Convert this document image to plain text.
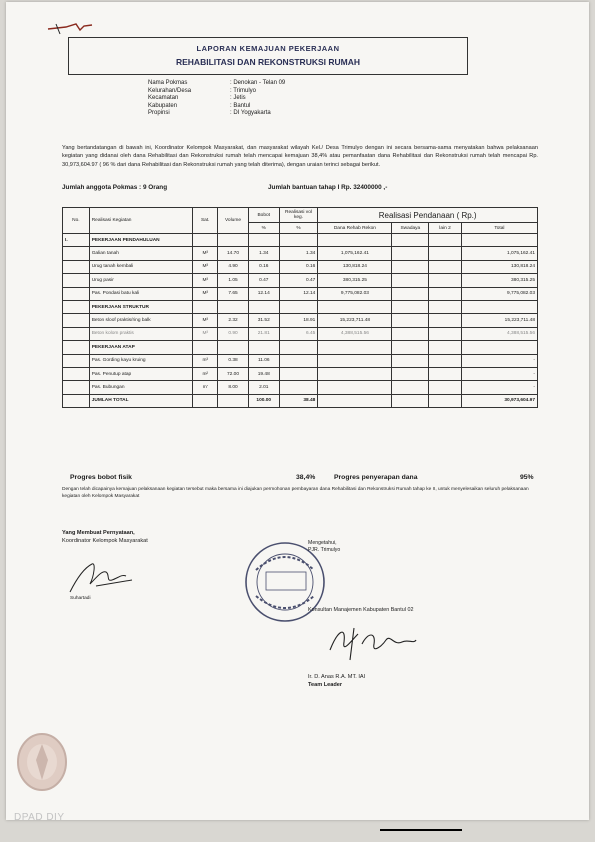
LAPORAN KEMAJUAN PEKERJAAN
REHABILITASI DAN REKONSTRUKSI RUMAH
Nama Pokmas	: Denokan - Telan 09
Kelurahan/Desa	: Trimulyo
Kecamatan	: Jetis
Kabupaten	: Bantul
Propinsi	: DI Yogyakarta
Yang bertandatangan di bawah ini, Koordinator Kelompok Masyarakat, dan masyarakat wilayah Kel./ Desa Trimulyo dengan ini secara bersama-sama menyatakan bahwa pelaksanaan kegiatan yang didanai oleh dana Rehabilitasi dan Rekonstruksi rumah telah mencapai kemajuan 38,4% atau pemanfaatan dana Rehabilitasi dan Rekonstruksi rumah telah mencapai Rp. 30,973,604.97 ( 96 % dari dana Rehabilitasi dan Rekonstruksi rumah yang telah diterima), dengan uraian terinci sebagai berikut.
Jumlah anggota Pokmas : 9 Orang	Jumlah bantuan tahap I Rp. 32400000 ,-
No.	Realisasi Kegiatan	Sat.	Volume	Bobot	Realisasi vol keg.	Realisasi Pendanaan ( Rp.)			
				%	%	Dana Rehab Rekon	Swadaya	lain 2	Total
I.	PEKERJAAN PENDAHULUAN								
	Galian tanah	M³	14.70	1.34	1.34	1,075,162.41			1,075,162.41
	Urug tanah kembali	M³	4.90	0.16	0.16	130,818.24			130,818.24
	Urug pasir	M³	1.05	0.47	0.47	380,315.25			380,315.25
	Pas. Pondasi batu kali	M³	7.65	12.14	12.14	9,775,082.03			9,775,082.03
	PEKERJAAN STRUKTUR								
	Beton sloof praktis/ring balk	M³	2.32	31.52	18.91	15,223,711.48			15,223,711.48
	Beton kolom praktis	M³	0.90	21.81	6.45	4,388,515.56			4,388,515.56
	PEKERJAAN ATAP								
	Pas. Gording kayu kruing	m³	0.38	11.06					-
	Pas. Penutup atap	m²	72.00	19.48					-
	Pas. Bubungan	m'	8.00	2.01					-
	JUMLAH TOTAL			100.00	38.48				30,973,604.97
Progres bobot fisik	38,4%	Progres penyerapan dana	95%
Dengan telah dicapainya kemajuan pelaksanaan kegiatan tersebut maka bersama ini diajukan permohonan pembayaran dana Rehabilitasi dan Rekonstruksi Rumah tahap ke II, untuk menyelesaikan seluruh pelaksanaan kegiatan oleh Kelompok Masyarakat
Yang Membuat Pernyataan,
Koordinator Kelompok Masyarakat
Suhartadi
Mengetahui,
PJR. Trimulyo
Konsultan Manajemen Kabupaten Bantul 02
Ir. D. Anas R.A. MT. IAI
Team Leader
DPAD DIY
